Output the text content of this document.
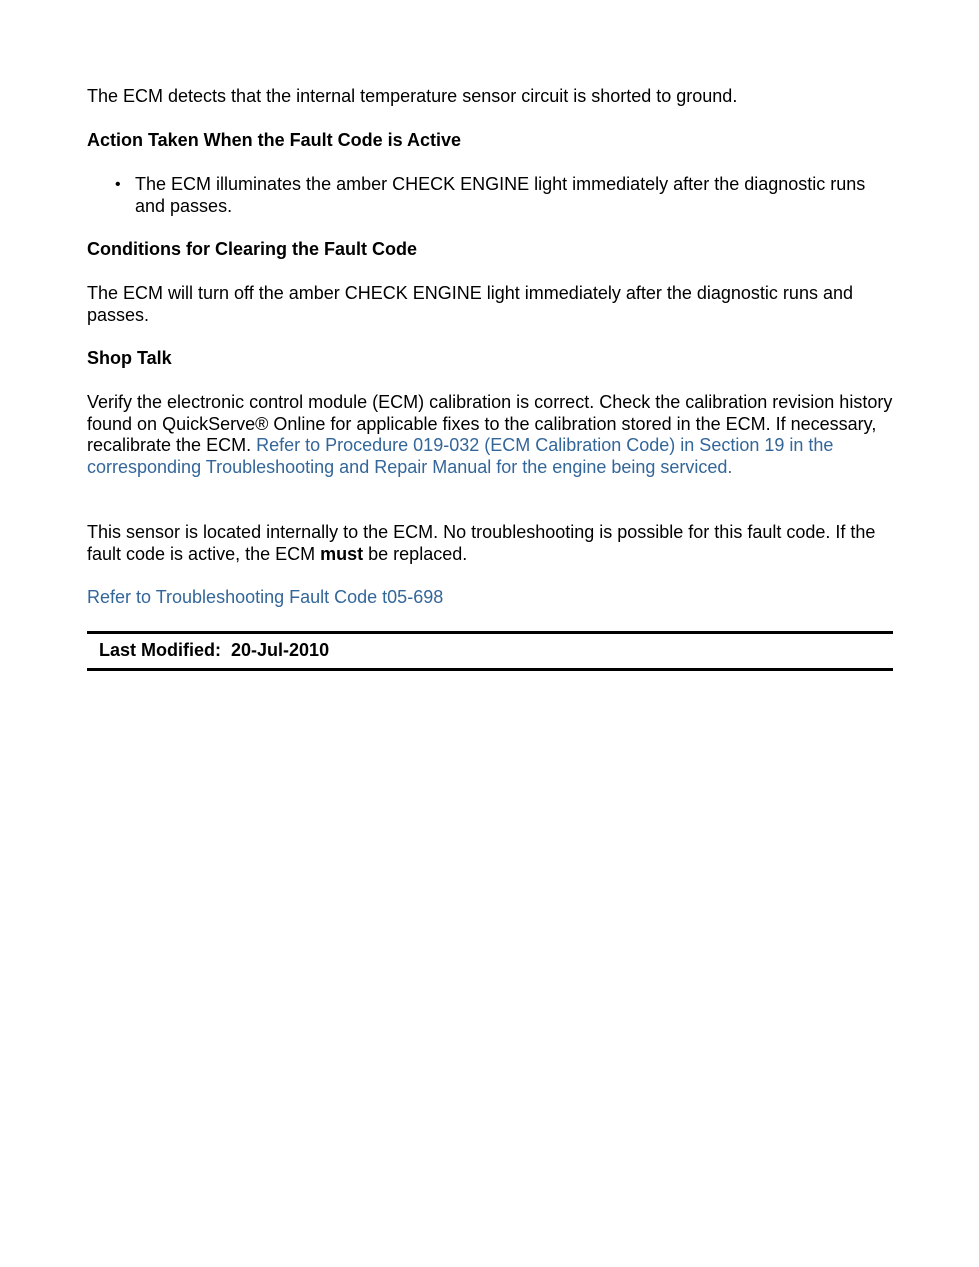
The ECM detects that the internal temperature sensor circuit is shorted to ground.

Action Taken When the Fault Code is Active

• The ECM illuminates the amber CHECK ENGINE light immediately after the diagnostic runs and passes.

Conditions for Clearing the Fault Code

The ECM will turn off the amber CHECK ENGINE light immediately after the diagnostic runs and passes.

Shop Talk

Verify the electronic control module (ECM) calibration is correct. Check the calibration revision history found on QuickServe® Online for applicable fixes to the calibration stored in the ECM. If necessary, recalibrate the ECM. Refer to Procedure 019-032 (ECM Calibration Code) in Section 19 in the corresponding Troubleshooting and Repair Manual for the engine being serviced.

This sensor is located internally to the ECM. No troubleshooting is possible for this fault code. If the fault code is active, the ECM must be replaced.

Refer to Troubleshooting Fault Code t05-698

Last Modified: 20-Jul-2010
